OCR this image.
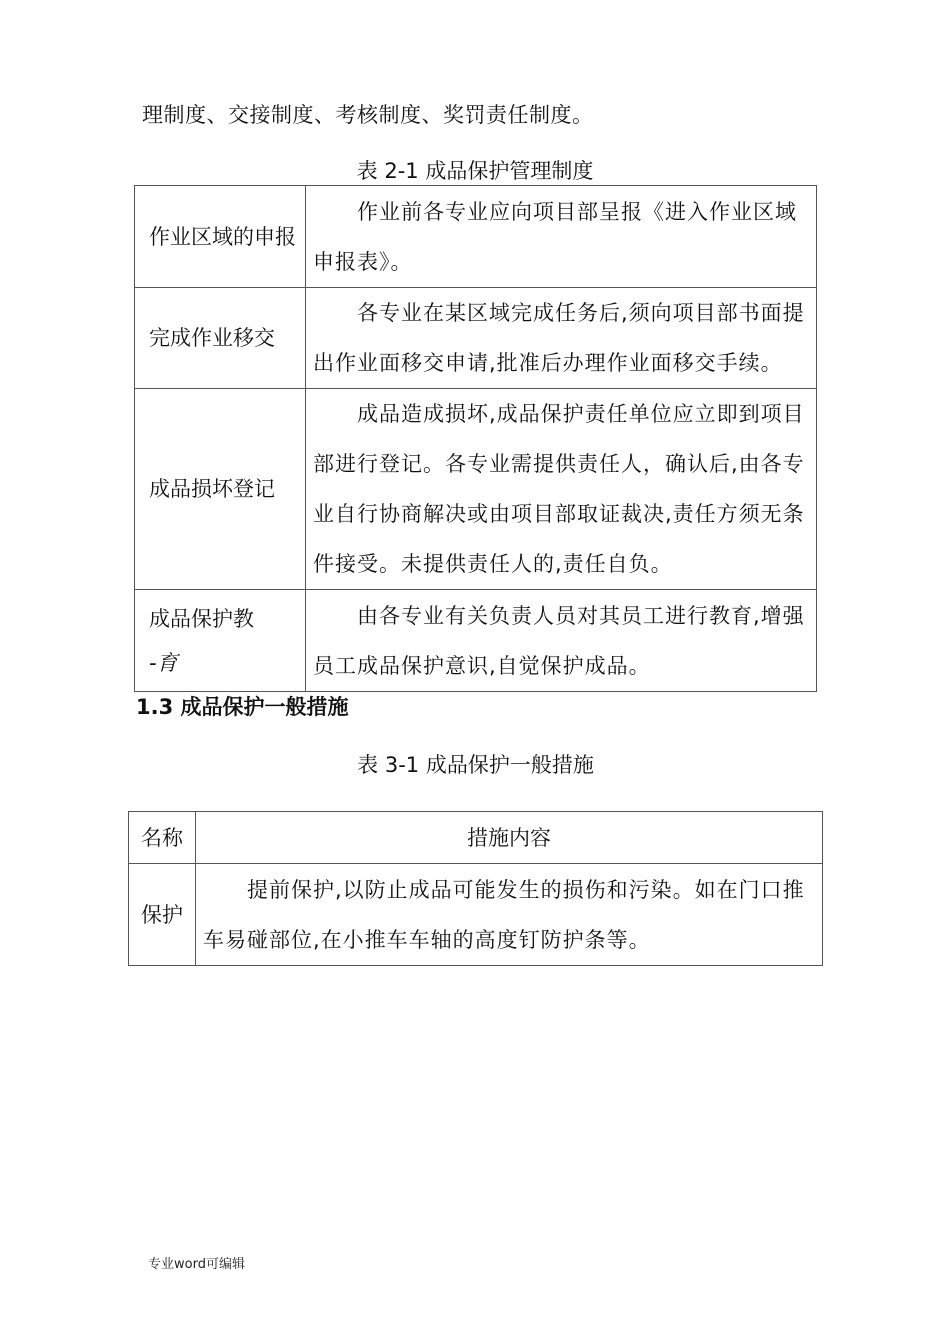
理制度、交接制度、考核制度、奖罚责任制度。
表 2-1 成品保护管理制度
作业区域的申报	作业前各专业应向项目部呈报《进入作业区域申报表》。

完成作业移交	各专业在某区域完成任务后,须向项目部书面提出作业面移交申请,批准后办理作业面移交手续。

成品损坏登记	成品造成损坏,成品保护责任单位应立即到项目部进行登记。各专业需提供责任人，确认后,由各专业自行协商解决或由项目部取证裁决,责任方须无条件接受。未提供责任人的,责任自负。

成品保护教
-育	由各专业有关负责人员对其员工进行教育,增强员工成品保护意识,自觉保护成品。
1.3 成品保护一般措施
表 3-1 成品保护一般措施
名称	措施内容
保护	提前保护,以防止成品可能发生的损伤和污染。如在门口推车易碰部位,在小推车车轴的高度钉防护条等。
专业word可编辑
